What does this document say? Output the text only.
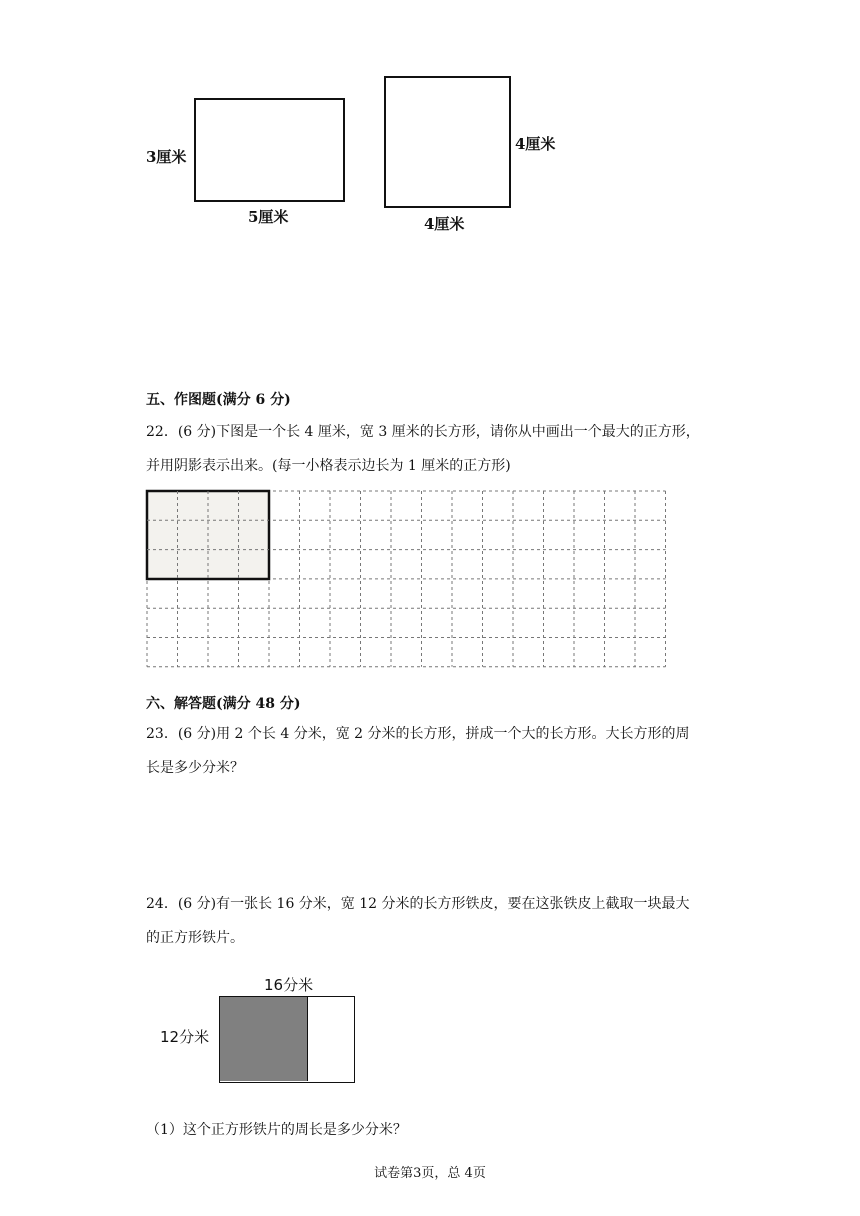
3厘米
5厘米
4厘米
4厘米
五、作图题(满分 6 分)
22．(6 分)下图是一个长 4 厘米，宽 3 厘米的长方形，请你从中画出一个最大的正方形，
并用阴影表示出来。(每一小格表示边长为 1 厘米的正方形)
六、解答题(满分 48 分)
23．(6 分)用 2 个长 4 分米，宽 2 分米的长方形，拼成一个大的长方形。大长方形的周
长是多少分米？
24．(6 分)有一张长 16 分米，宽 12 分米的长方形铁皮，要在这张铁皮上截取一块最大
的正方形铁片。
16分米
12分米
（1）这个正方形铁片的周长是多少分米？
试卷第3页，总 4页
